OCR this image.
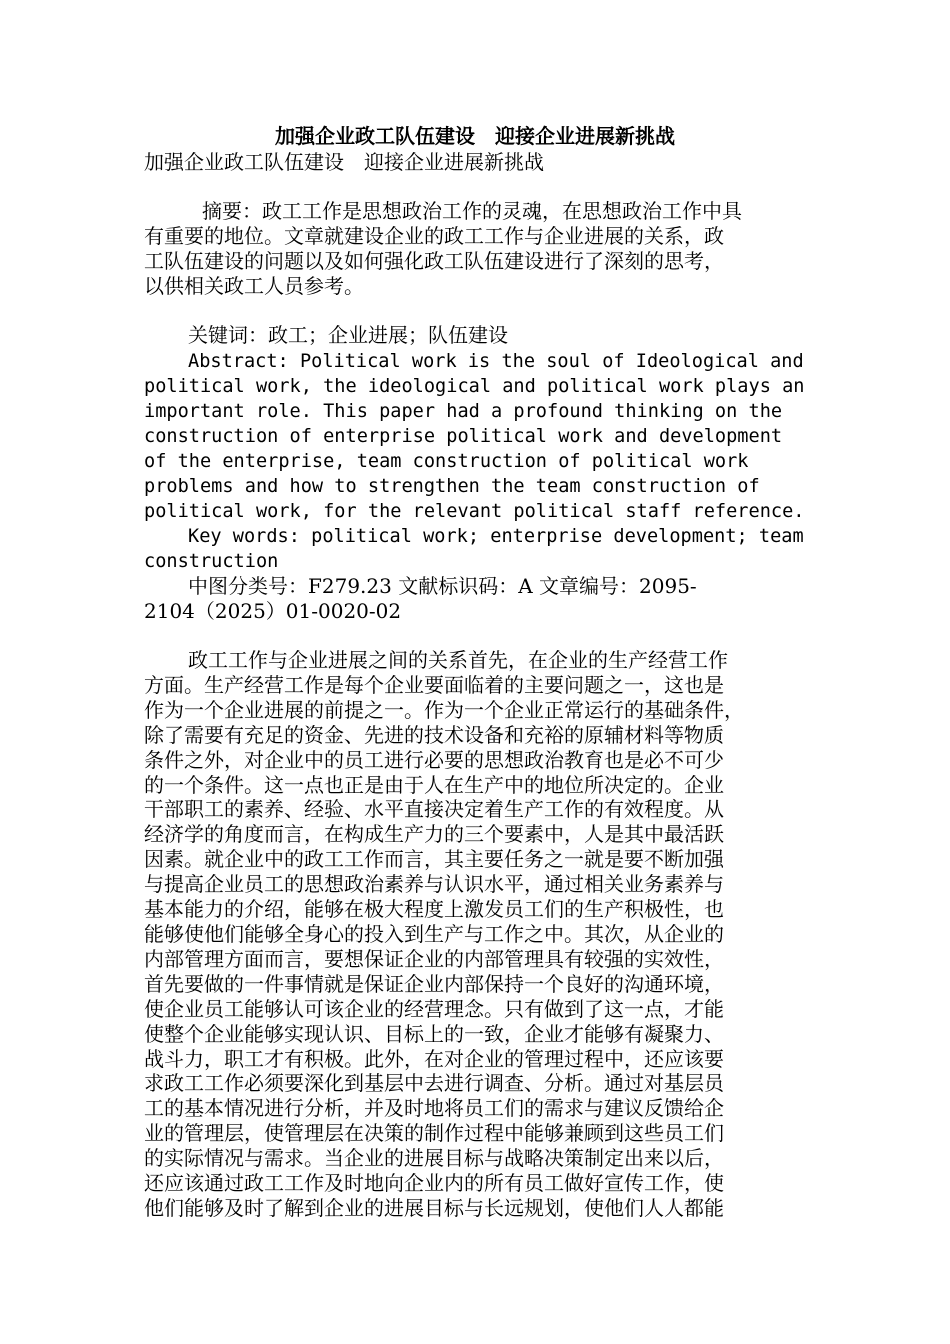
加强企业政工队伍建设　迎接企业进展新挑战
加强企业政工队伍建设　迎接企业进展新挑战
摘要：政工工作是思想政治工作的灵魂，在思想政治工作中具
有重要的地位。文章就建设企业的政工工作与企业进展的关系，政
工队伍建设的问题以及如何强化政工队伍建设进行了深刻的思考，
以供相关政工人员参考。
关键词：政工；企业进展；队伍建设
Abstract: Political work is the soul of Ideological and
political work, the ideological and political work plays an
important role. This paper had a profound thinking on the
construction of enterprise political work and development
of the enterprise, team construction of political work
problems and how to strengthen the team construction of
political work, for the relevant political staff reference.
Key words: political work; enterprise development; team
construction
中图分类号：F279.23 文献标识码：A 文章编号：2095-
2104（2025）01-0020-02
政工工作与企业进展之间的关系首先，在企业的生产经营工作
方面。生产经营工作是每个企业要面临着的主要问题之一，这也是
作为一个企业进展的前提之一。作为一个企业正常运行的基础条件，
除了需要有充足的资金、先进的技术设备和充裕的原辅材料等物质
条件之外，对企业中的员工进行必要的思想政治教育也是必不可少
的一个条件。这一点也正是由于人在生产中的地位所决定的。企业
干部职工的素养、经验、水平直接决定着生产工作的有效程度。从
经济学的角度而言，在构成生产力的三个要素中，人是其中最活跃
因素。就企业中的政工工作而言，其主要任务之一就是要不断加强
与提高企业员工的思想政治素养与认识水平，通过相关业务素养与
基本能力的介绍，能够在极大程度上激发员工们的生产积极性，也
能够使他们能够全身心的投入到生产与工作之中。其次，从企业的
内部管理方面而言，要想保证企业的内部管理具有较强的实效性，
首先要做的一件事情就是保证企业内部保持一个良好的沟通环境，
使企业员工能够认可该企业的经营理念。只有做到了这一点，才能
使整个企业能够实现认识、目标上的一致，企业才能够有凝聚力、
战斗力，职工才有积极。此外，在对企业的管理过程中，还应该要
求政工工作必须要深化到基层中去进行调查、分析。通过对基层员
工的基本情况进行分析，并及时地将员工们的需求与建议反馈给企
业的管理层，使管理层在决策的制作过程中能够兼顾到这些员工们
的实际情况与需求。当企业的进展目标与战略决策制定出来以后，
还应该通过政工工作及时地向企业内的所有员工做好宣传工作，使
他们能够及时了解到企业的进展目标与长远规划，使他们人人都能
